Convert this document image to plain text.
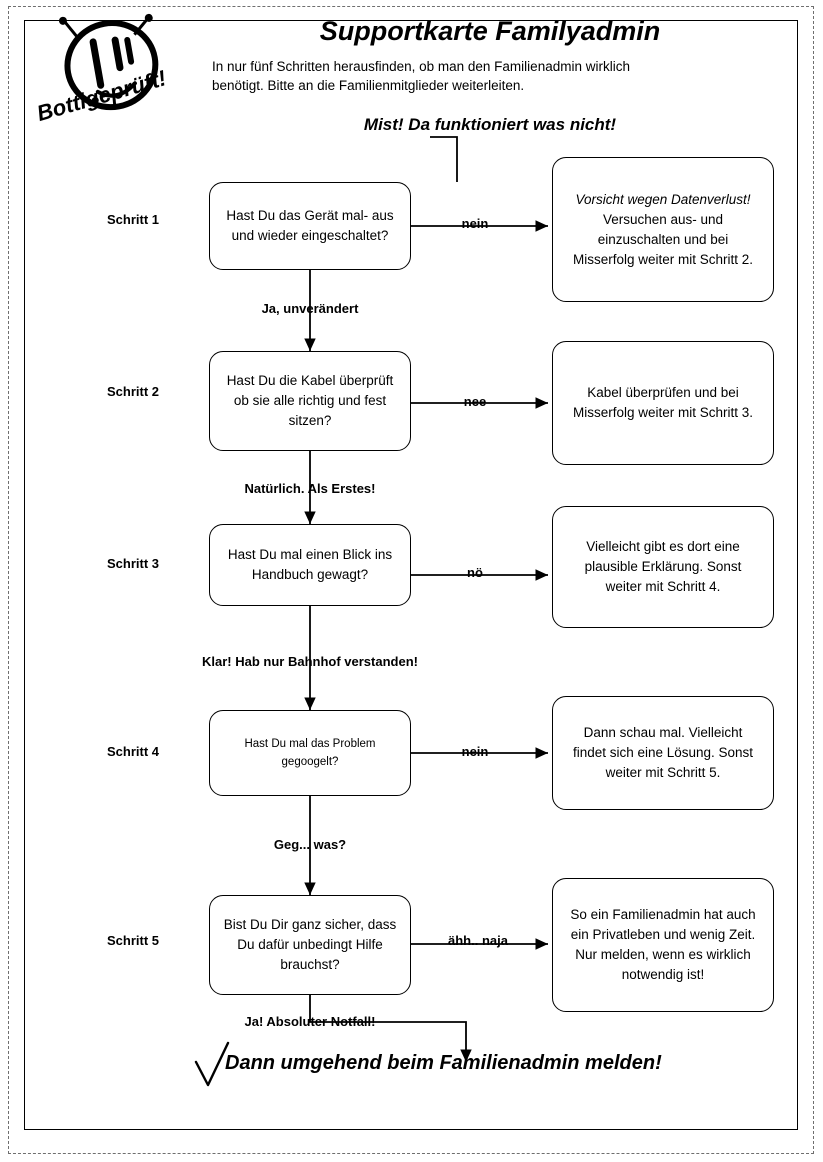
Bottigeprüft!
Supportkarte Familyadmin
In nur fünf Schritten herausfinden, ob man den Familienadmin wirklich benötigt. Bitte an die Familienmitglieder weiterleiten.
Mist! Da funktioniert was nicht!
Schritt 1	Hast Du das Gerät mal- aus und wieder eingeschaltet?
nein
Vorsicht wegen Datenverlust!
Versuchen aus- und einzuschalten und bei Misserfolg weiter mit Schritt 2.
Ja, unverändert
Schritt 2
Hast Du die Kabel überprüft ob sie alle richtig und fest sitzen?
nee
Kabel überprüfen und bei Misserfolg weiter mit Schritt 3.
Natürlich. Als Erstes!
Schritt 3
Hast Du mal einen Blick ins Handbuch gewagt?	nö
Vielleicht gibt es dort eine plausible Erklärung. Sonst weiter mit Schritt 4.
Klar! Hab nur Bahnhof verstanden!
Schritt 4	Hast Du mal das Problem gegoogelt?
nein
Dann schau mal. Vielleicht findet sich eine Lösung. Sonst weiter mit Schritt 5.
Geg... was?
Schritt 5
Bist Du Dir ganz sicher, dass Du dafür unbedingt Hilfe brauchst?
ähh.. naja
So ein Familienadmin hat auch ein Privatleben und wenig Zeit. Nur melden, wenn es wirklich notwendig ist!
Ja! Absoluter Notfall!
Dann umgehend beim Familienadmin melden!
